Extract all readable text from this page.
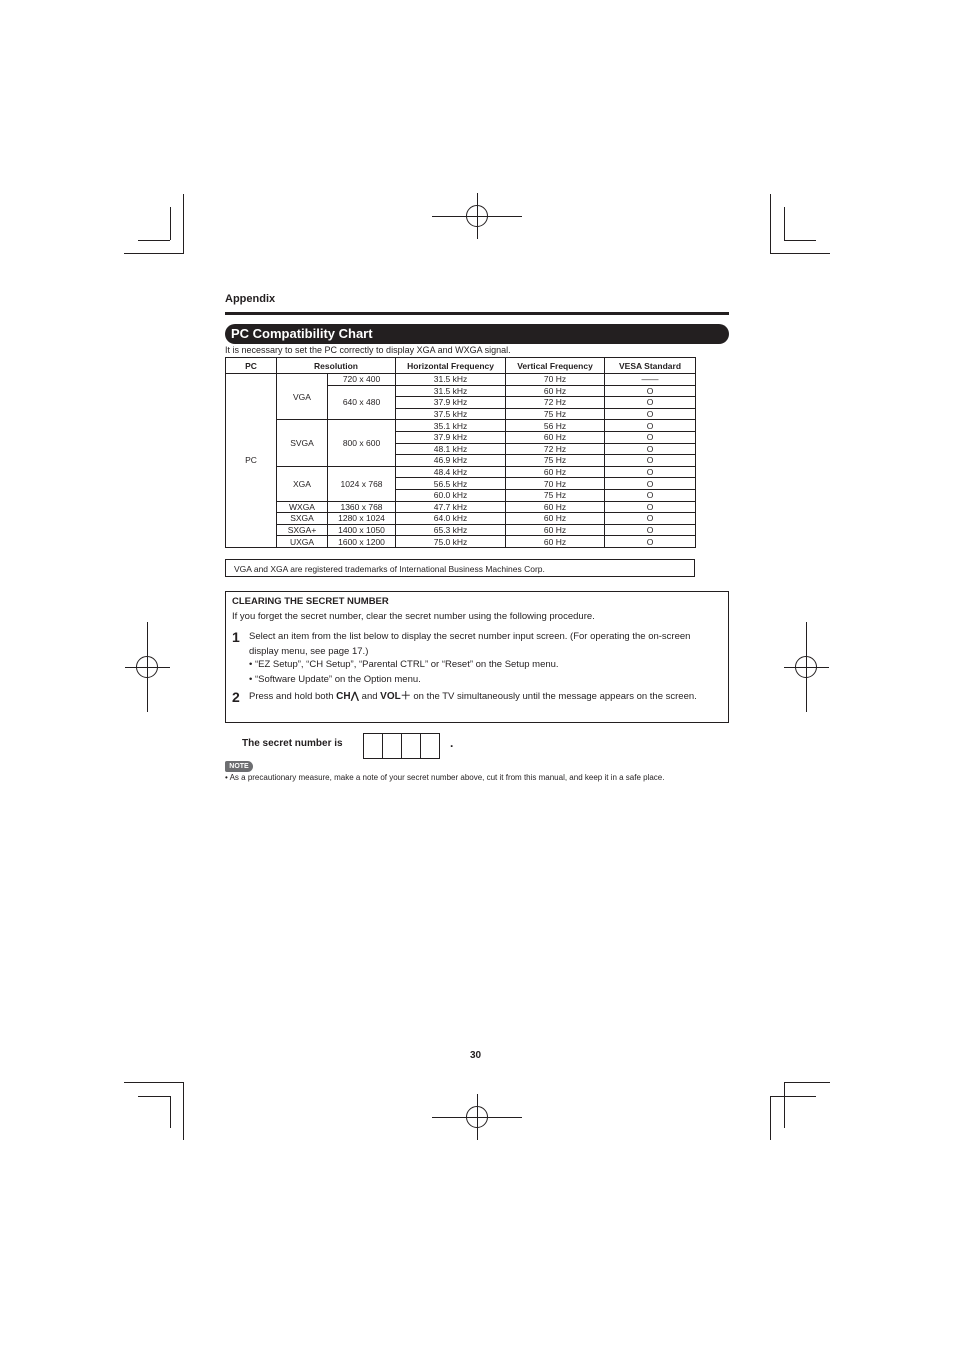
Appendix
PC Compatibility Chart
It is necessary to set the PC correctly to display XGA and WXGA signal.
PC	Resolution		Horizontal Frequency	Vertical Frequency	VESA Standard
PC	VGA	720 x 400	31.5 kHz	70 Hz	——
		640 x 480	31.5 kHz	60 Hz	O
			37.9 kHz	72 Hz	O
			37.5 kHz	75 Hz	O
	SVGA	800 x 600	35.1 kHz	56 Hz	O
			37.9 kHz	60 Hz	O
			48.1 kHz	72 Hz	O
			46.9 kHz	75 Hz	O
	XGA	1024 x 768	48.4 kHz	60 Hz	O
			56.5 kHz	70 Hz	O
			60.0 kHz	75 Hz	O
	WXGA	1360 x 768	47.7 kHz	60 Hz	O
	SXGA	1280 x 1024	64.0 kHz	60 Hz	O
	SXGA+	1400 x 1050	65.3 kHz	60 Hz	O
	UXGA	1600 x 1200	75.0 kHz	60 Hz	O
VGA and XGA are registered trademarks of International Business Machines Corp.
CLEARING THE SECRET NUMBER
If you forget the secret number, clear the secret number using the following procedure.
1 Select an item from the list below to display the secret number input screen. (For operating the on-screen display menu, see page 17.)
• “EZ Setup”, “CH Setup”, “Parental CTRL” or “Reset” on the Setup menu.
• “Software Update” on the Option menu.
2 Press and hold both CH⋀ and VOL＋ on the TV simultaneously until the message appears on the screen.
The secret number is	.
NOTE
• As a precautionary measure, make a note of your secret number above, cut it from this manual, and keep it in a safe place.
30
